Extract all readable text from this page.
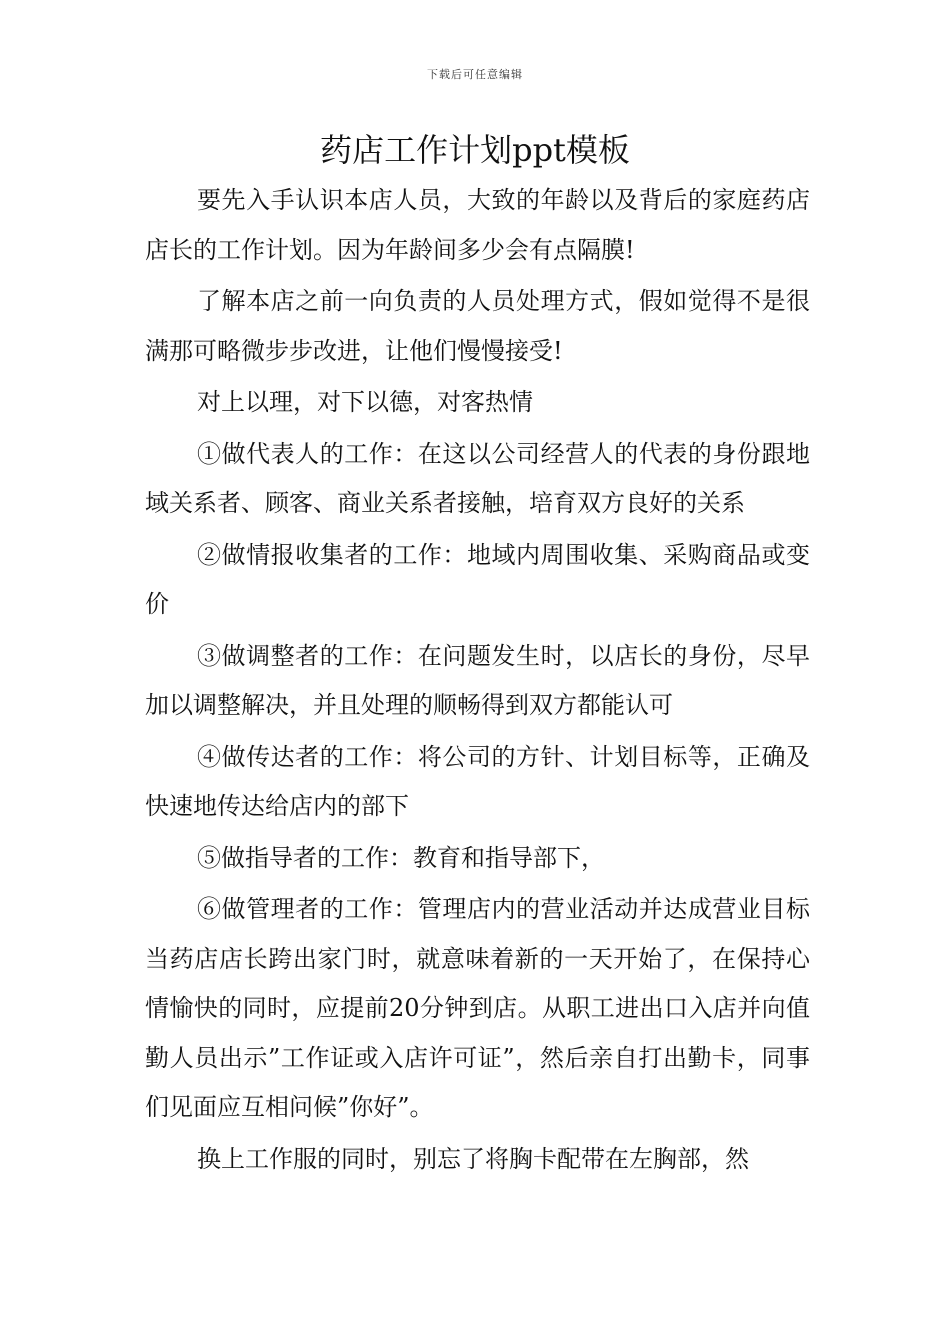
下载后可任意编辑
药店工作计划ppt模板

要先入手认识本店人员，大致的年龄以及背后的家庭药店店长的工作计划。因为年龄间多少会有点隔膜!

了解本店之前一向负责的人员处理方式，假如觉得不是很满那可略微步步改进，让他们慢慢接受!

对上以理，对下以德，对客热情

①做代表人的工作：在这以公司经营人的代表的身份跟地域关系者、顾客、商业关系者接触，培育双方良好的关系

②做情报收集者的工作：地域内周围收集、采购商品或变价

③做调整者的工作：在问题发生时，以店长的身份，尽早加以调整解决，并且处理的顺畅得到双方都能认可

④做传达者的工作：将公司的方针、计划目标等，正确及快速地传达给店内的部下

⑤做指导者的工作：教育和指导部下，

⑥做管理者的工作：管理店内的营业活动并达成营业目标当药店店长跨出家门时，就意味着新的一天开始了，在保持心情愉快的同时，应提前20分钟到店。从职工进出口入店并向值勤人员出示”工作证或入店许可证”，然后亲自打出勤卡，同事们见面应互相问候”你好”。

换上工作服的同时，别忘了将胸卡配带在左胸部，然
